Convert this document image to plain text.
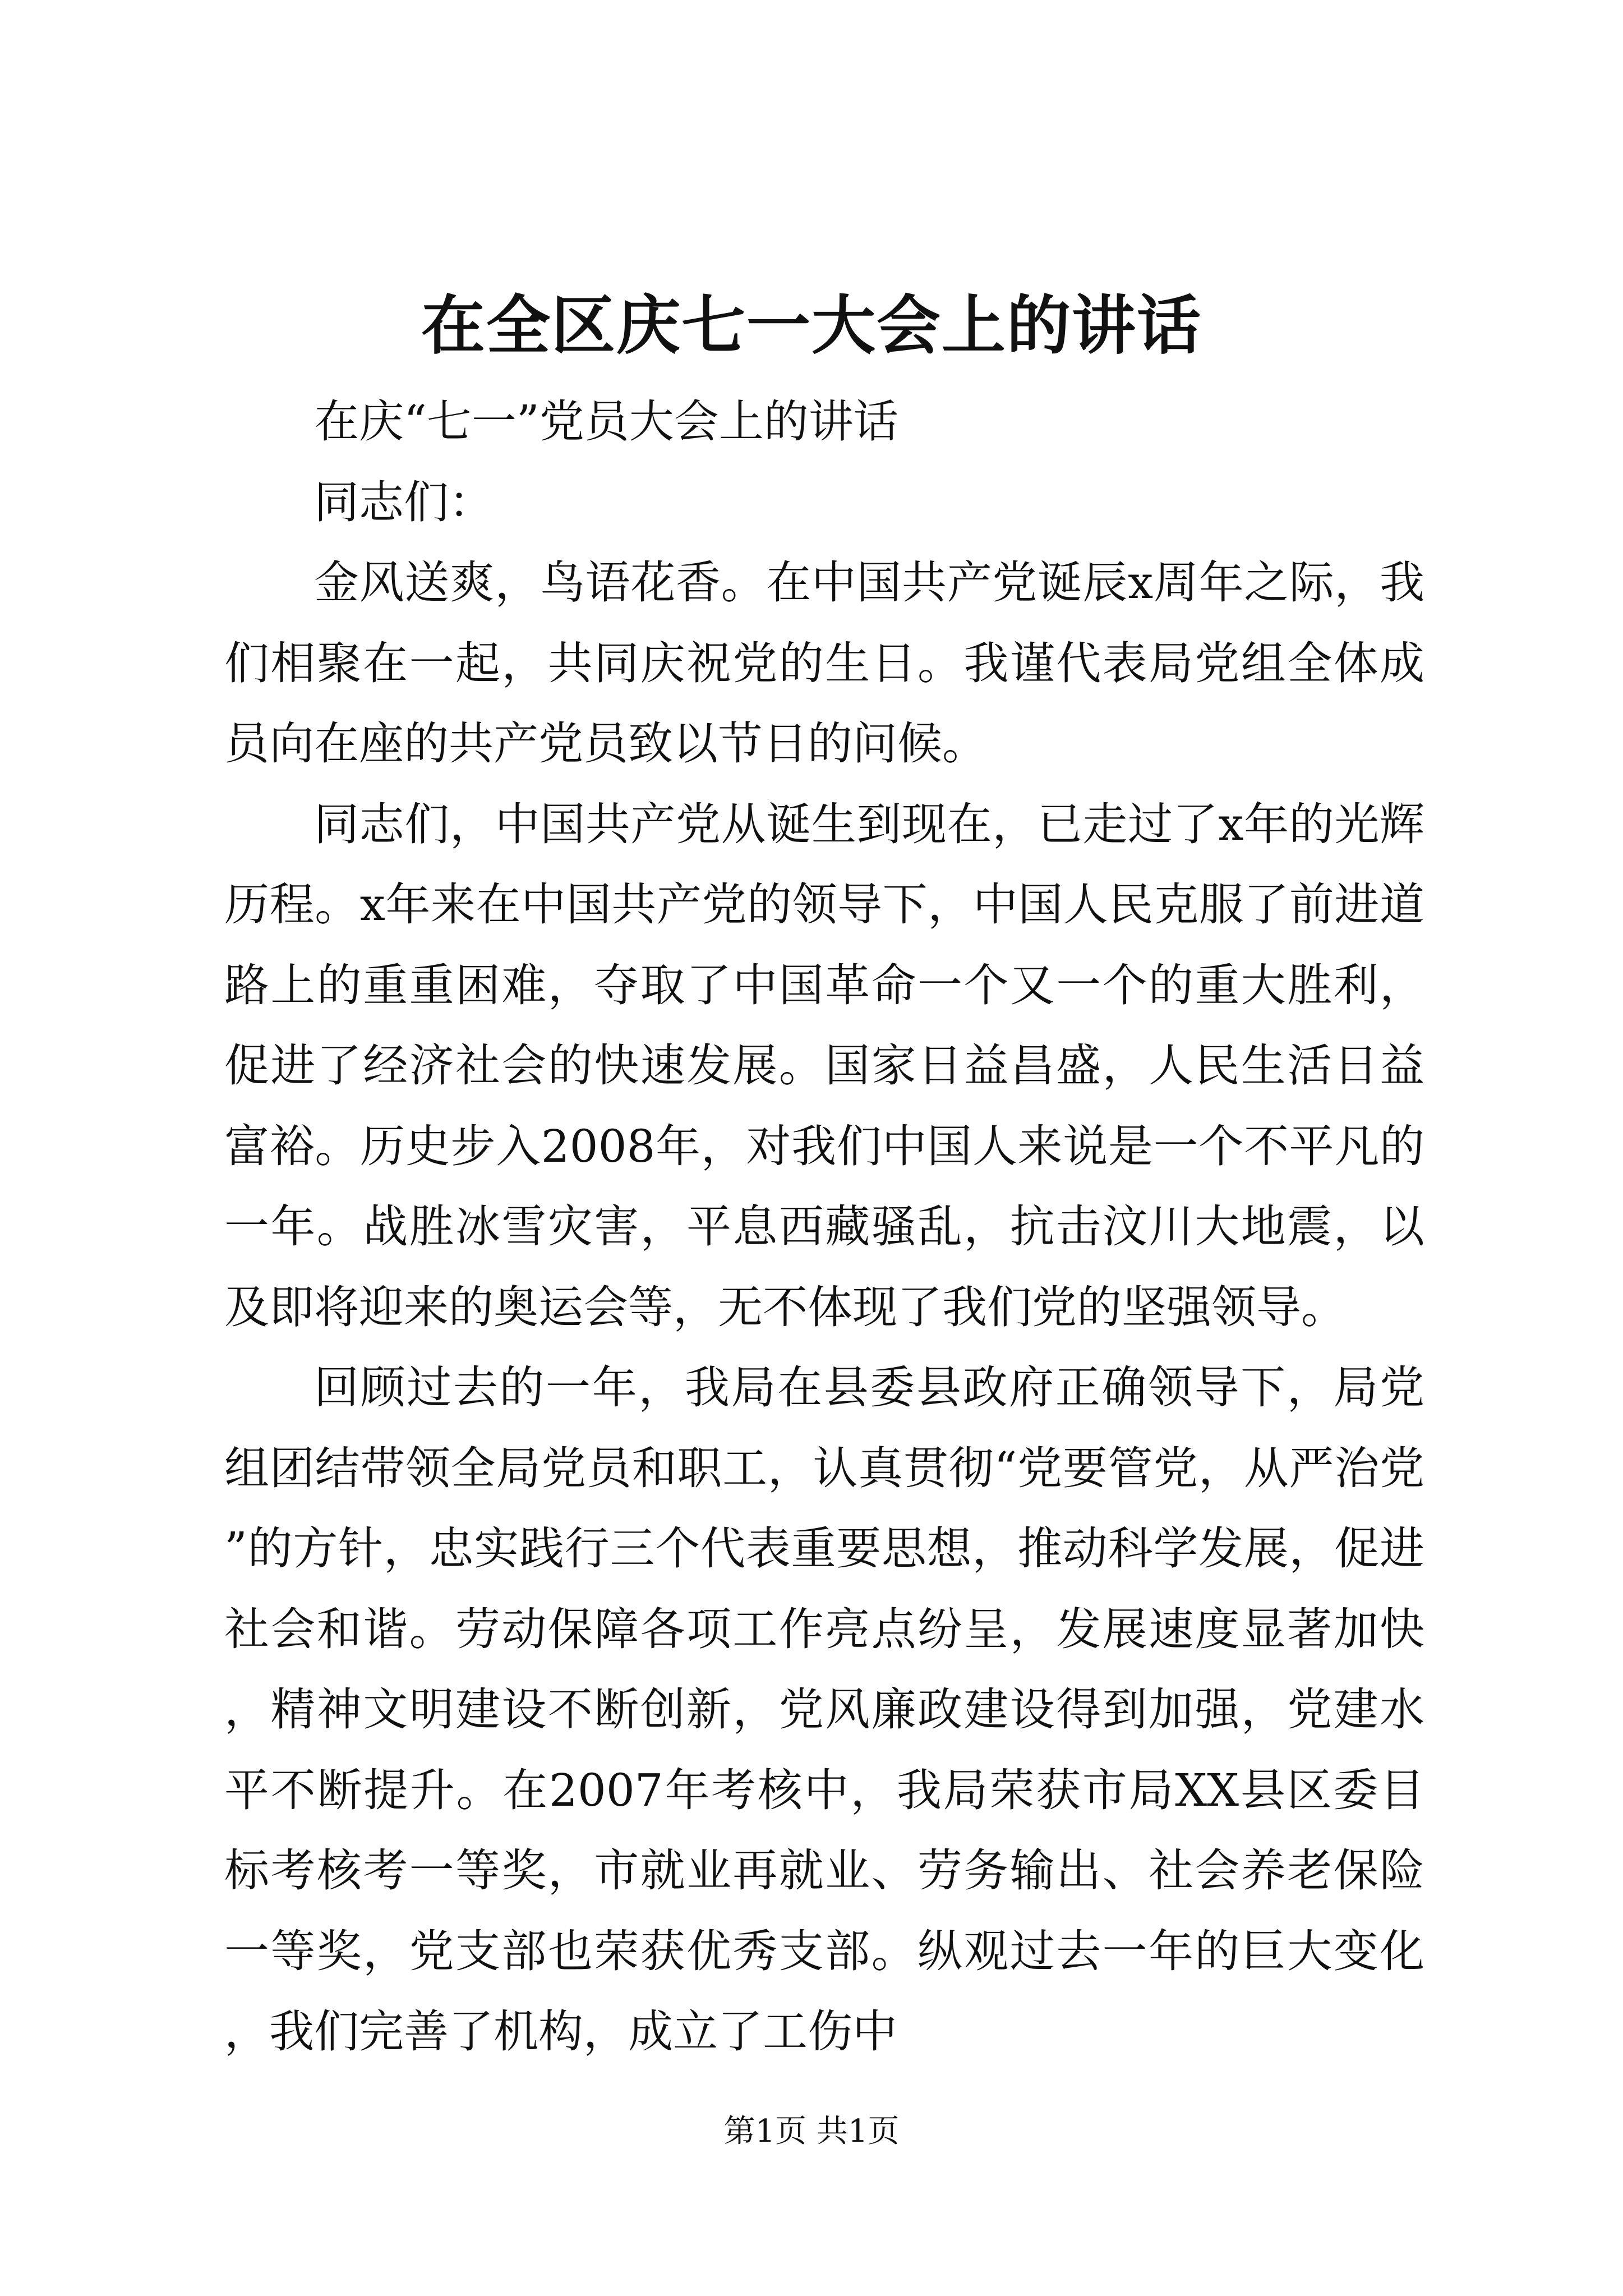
在全区庆七一大会上的讲话

在庆“七一”党员大会上的讲话

同志们：

金风送爽，鸟语花香。在中国共产党诞辰x周年之际，我们相聚在一起，共同庆祝党的生日。我谨代表局党组全体成员向在座的共产党员致以节日的问候。

同志们，中国共产党从诞生到现在，已走过了x年的光辉历程。x年来在中国共产党的领导下，中国人民克服了前进道路上的重重困难，夺取了中国革命一个又一个的重大胜利，促进了经济社会的快速发展。国家日益昌盛，人民生活日益富裕。历史步入2008年，对我们中国人来说是一个不平凡的一年。战胜冰雪灾害，平息西藏骚乱，抗击汶川大地震，以及即将迎来的奥运会等，无不体现了我们党的坚强领导。

回顾过去的一年，我局在县委县政府正确领导下，局党组团结带领全局党员和职工，认真贯彻“党要管党，从严治党”的方针，忠实践行三个代表重要思想，推动科学发展，促进社会和谐。劳动保障各项工作亮点纷呈，发展速度显著加快，精神文明建设不断创新，党风廉政建设得到加强，党建水平不断提升。在2007年考核中，我局荣获市局XX县区委目标考核考一等奖，市就业再就业、劳务输出、社会养老保险一等奖，党支部也荣获优秀支部。纵观过去一年的巨大变化，我们完善了机构，成立了工伤中

第1页 共1页
